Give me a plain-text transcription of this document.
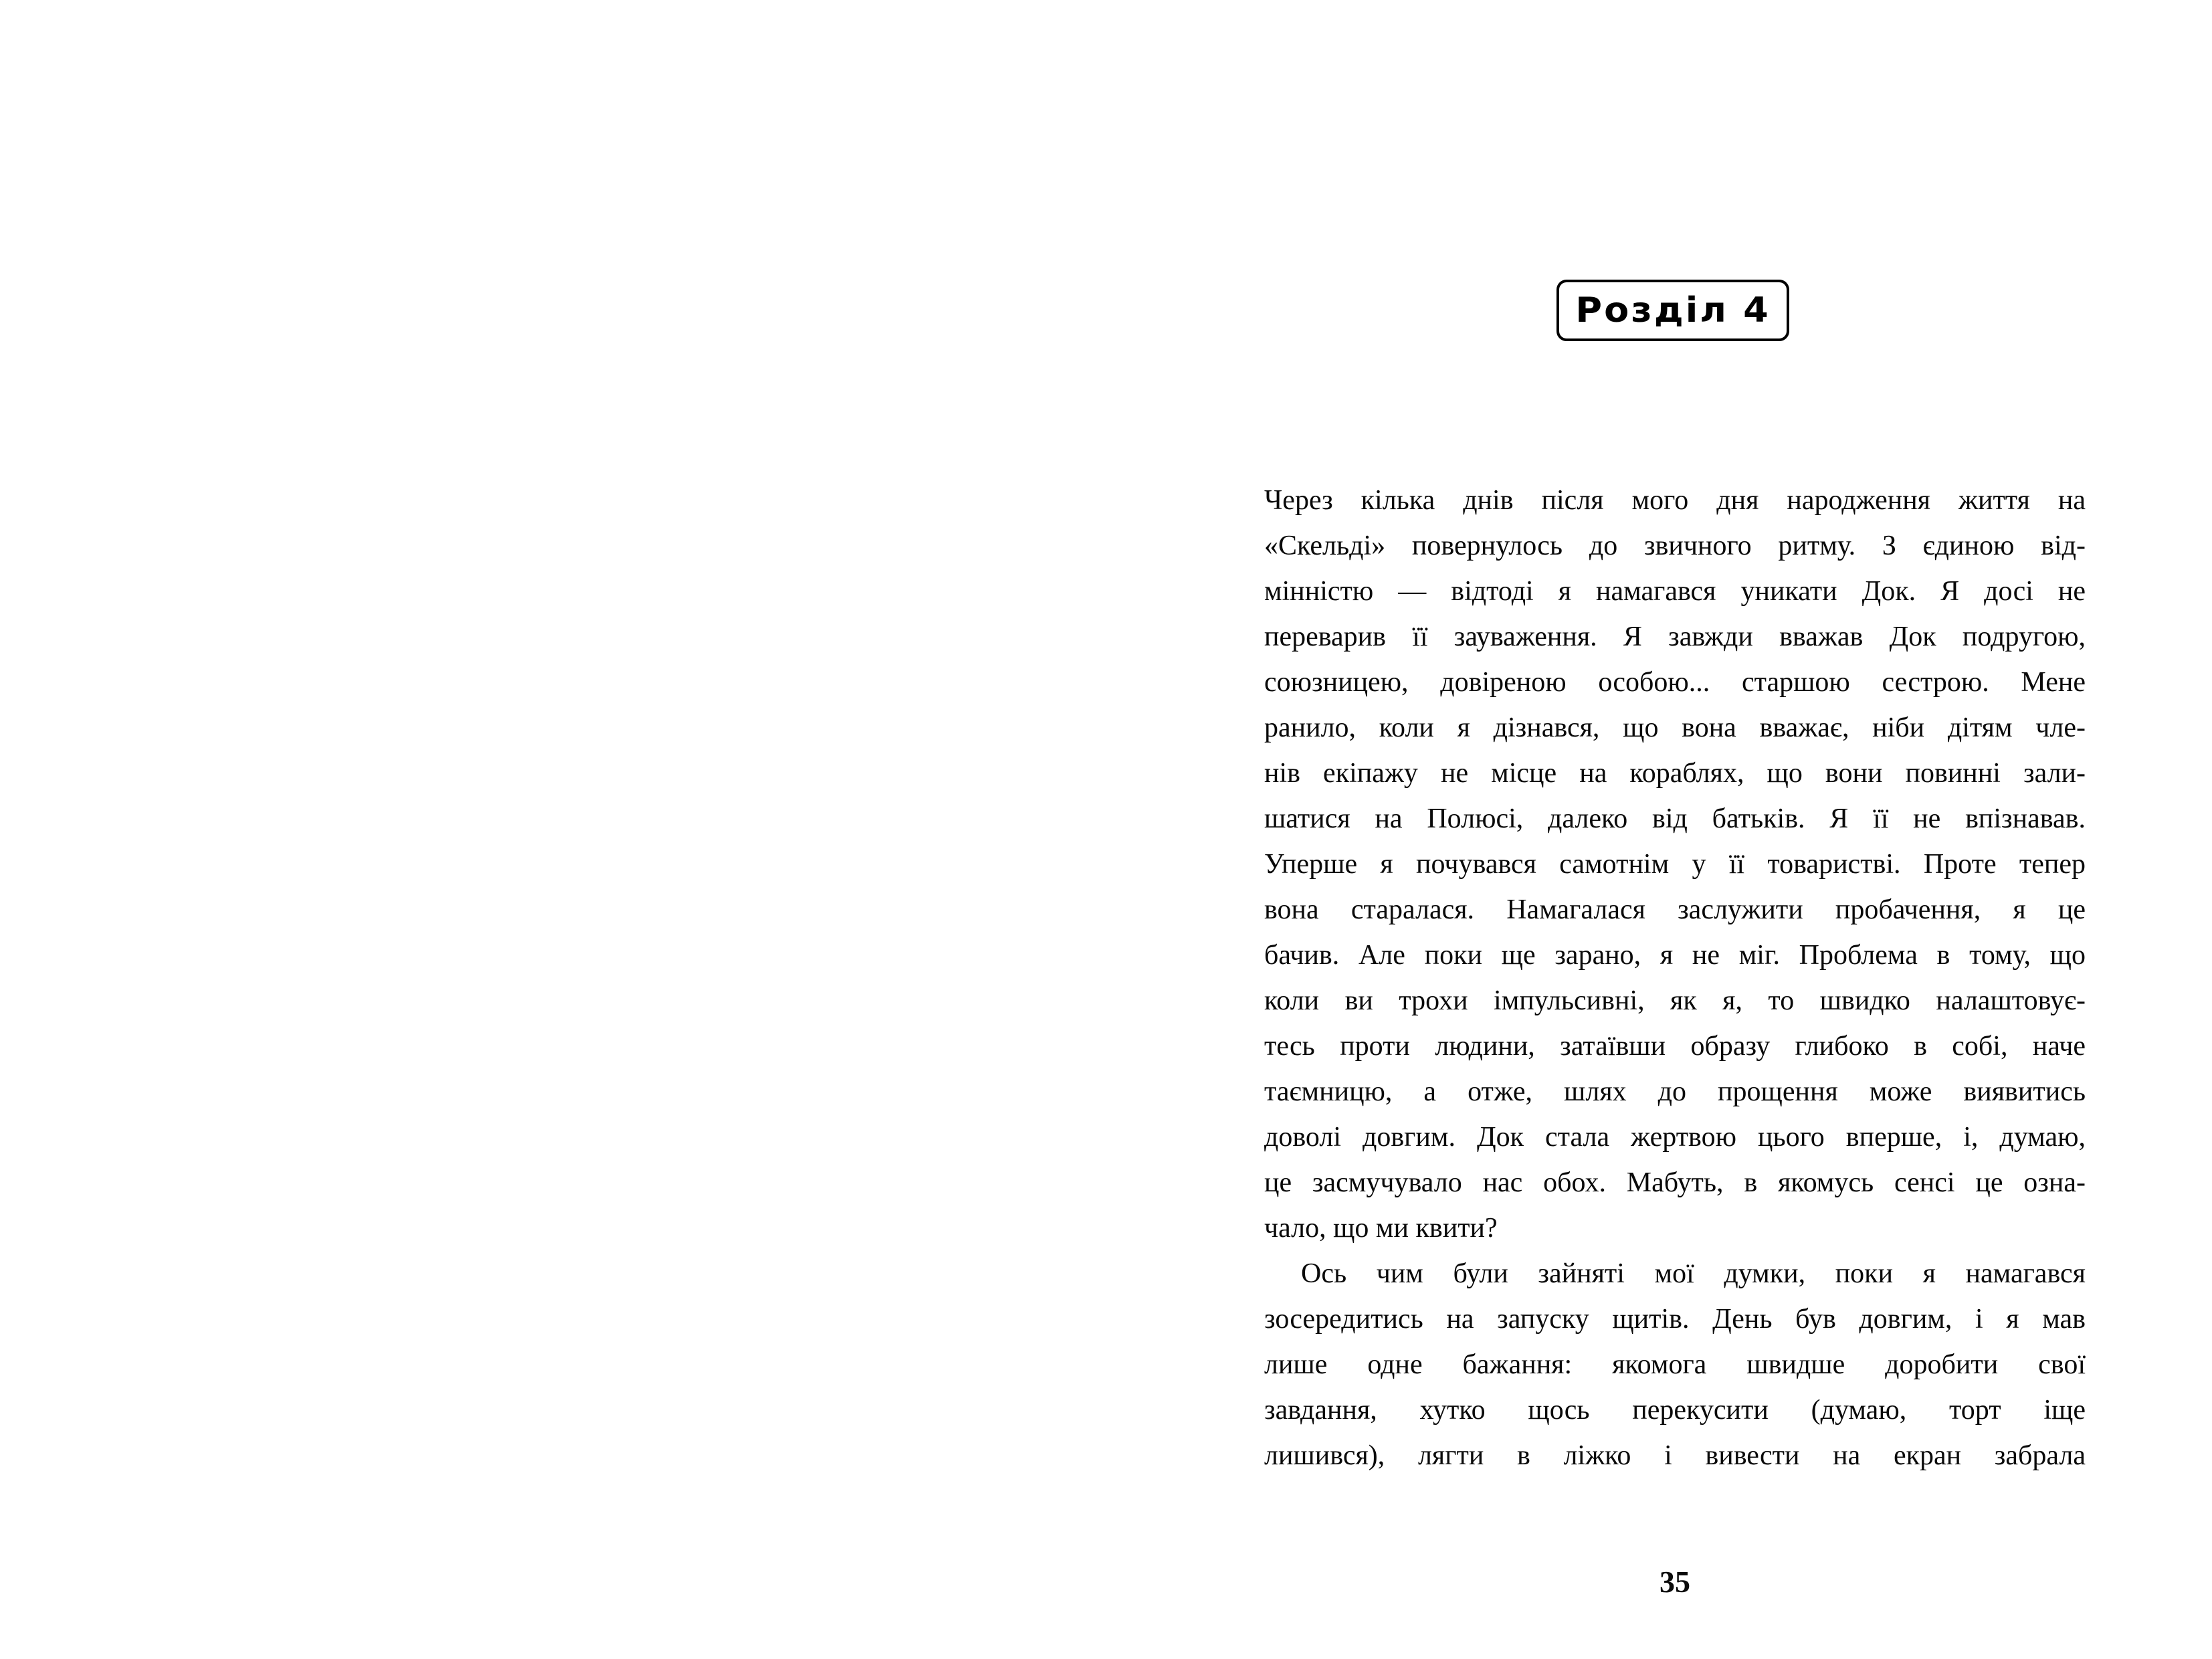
Розділ 4
Через кілька днів після мого дня народження життя на
«Скельді» повернулось до звичного ритму. З єдиною від-
мінністю — відтоді я намагався уникати Док. Я досі не
переварив її зауваження. Я завжди вважав Док подругою,
союзницею, довіреною особою... старшою сестрою. Мене
ранило, коли я дізнався, що вона вважає, ніби дітям чле-
нів екіпажу не місце на кораблях, що вони повинні зали-
шатися на Полюсі, далеко від батьків. Я її не впізнавав.
Уперше я почувався самотнім у її товаристві. Проте тепер
вона старалася. Намагалася заслужити пробачення, я це
бачив. Але поки ще зарано, я не міг. Проблема в тому, що
коли ви трохи імпульсивні, як я, то швидко налаштовує-
тесь проти людини, затаївши образу глибоко в собі, наче
таємницю, а отже, шлях до прощення може виявитись
доволі довгим. Док стала жертвою цього вперше, і, думаю,
це засмучувало нас обох. Мабуть, в якомусь сенсі це озна-
чало, що ми квити?
Ось чим були зайняті мої думки, поки я намагався
зосередитись на запуску щитів. День був довгим, і я мав
лише одне бажання: якомога швидше доробити свої
завдання, хутко щось перекусити (думаю, торт іще
лишився), лягти в ліжко і вивести на екран забрала
35
